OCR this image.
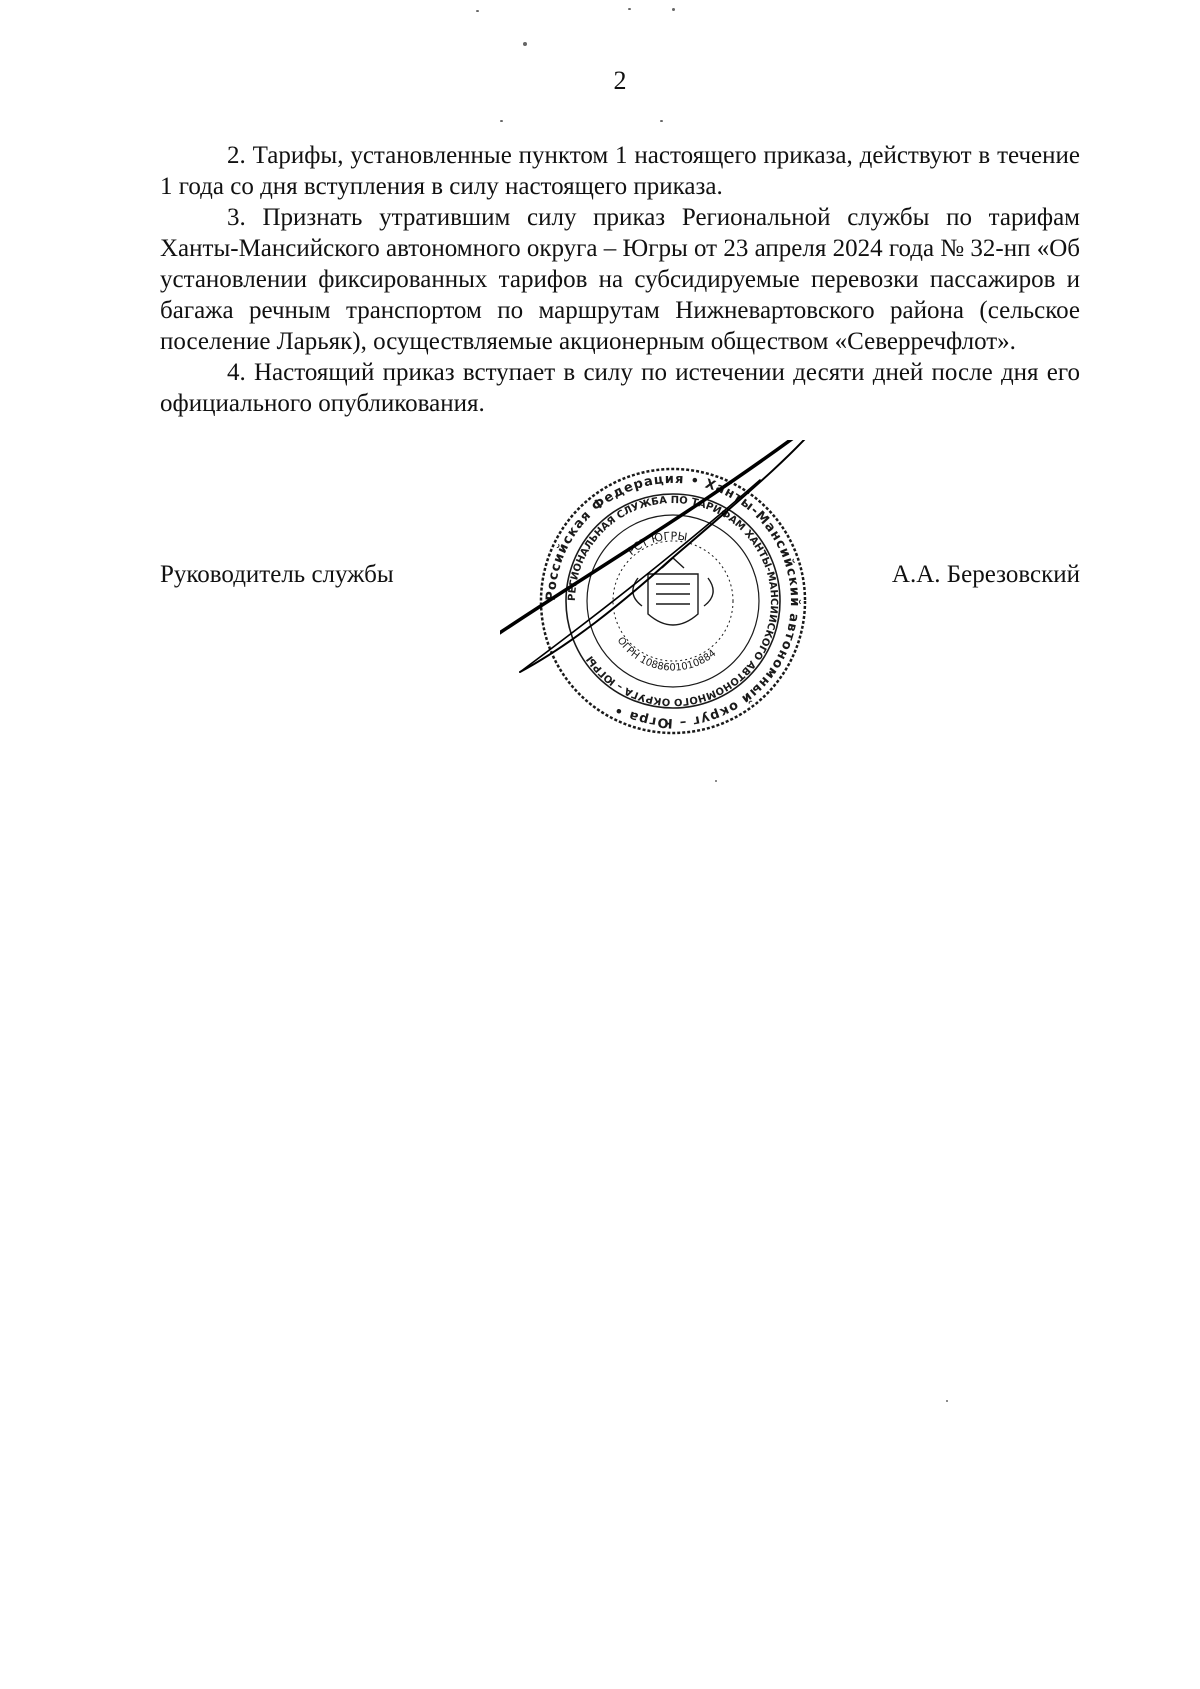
2

2. Тарифы, установленные пунктом 1 настоящего приказа, действуют в течение 1 года со дня вступления в силу настоящего приказа.

3. Признать утратившим силу приказ Региональной службы по тарифам Ханты-Мансийского автономного округа – Югры от 23 апреля 2024 года № 32-нп «Об установлении фиксированных тарифов на субсидируемые перевозки пассажиров и багажа речным транспортом по маршрутам Нижневартовского района (сельское поселение Ларьяк), осуществляемые акционерным обществом «Северречфлот».

4. Настоящий приказ вступает в силу по истечении десяти дней после дня его официального опубликования.

Руководитель службы	А.А. Березовский
Российская Федерация • Ханты-Мансийский автономный округ – Югра •
РЕГИОНАЛЬНАЯ СЛУЖБА ПО ТАРИФАМ ХАНТЫ-МАНСИЙСКОГО АВТОНОМНОГО ОКРУГА – ЮГРЫ
РСТ ЮГРЫ
ОГРН 1088601010884
